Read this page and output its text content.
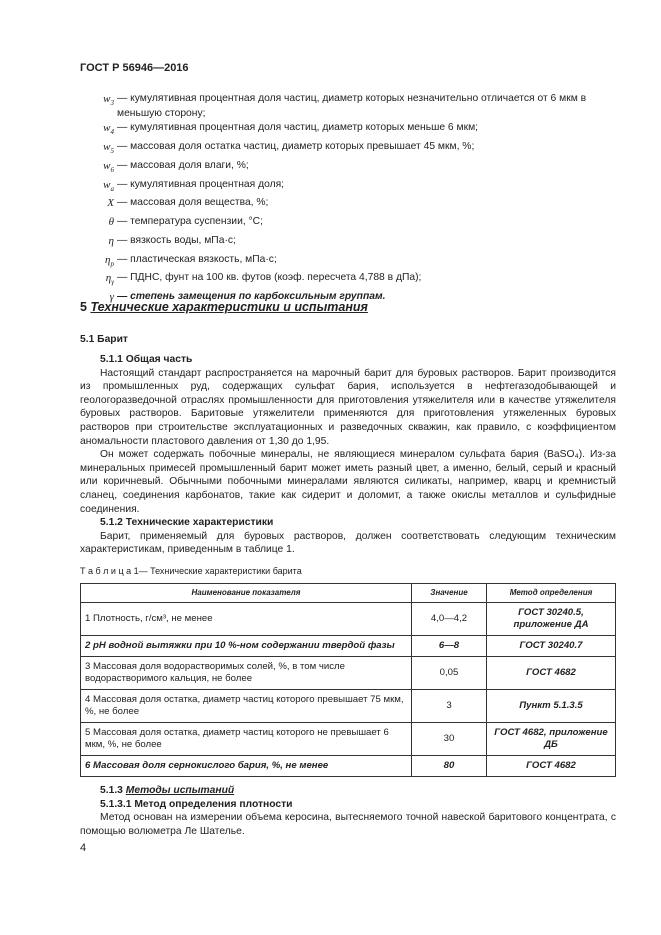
ГОСТ Р 56946—2016
$w_3$ — кумулятивная процентная доля частиц, диаметр которых незначительно отличается от 6 мкм в меньшую сторону;
$w_4$ — кумулятивная процентная доля частиц, диаметр которых меньше 6 мкм;
$w_5$ — массовая доля остатка частиц, диаметр которых превышает 45 мкм, %;
$w_6$ — массовая доля влаги, %;
$w_a$ — кумулятивная процентная доля;
X — массовая доля вещества, %;
θ — температура суспензии, °С;
η — вязкость воды, мПа·с;
$\eta_p$ — пластическая вязкость, мПа·с;
$\eta_\gamma$ — ПДНС, фунт на 100 кв. футов (коэф. пересчета 4,788 в дПа);
γ — степень замещения по карбоксильным группам.
5 Технические характеристики и испытания
5.1 Барит
5.1.1 Общая часть
Настоящий стандарт распространяется на марочный барит для буровых растворов. Барит производится из промышленных руд, содержащих сульфат бария, используется в нефтегазодобывающей и геологоразведочной отраслях промышленности для приготовления утяжелителя или в качестве утяжелителя буровых растворов. Баритовые утяжелители применяются для приготовления утяжеленных буровых растворов при строительстве эксплуатационных и разведочных скважин, как правило, с коэффициентом аномальности пластового давления от 1,30 до 1,95.
Он может содержать побочные минералы, не являющиеся минералом сульфата бария (BaSO₄). Из-за минеральных примесей промышленный барит может иметь разный цвет, а именно, белый, серый и красный или коричневый. Обычными побочными минералами являются силикаты, например, кварц и кремнистый сланец, соединения карбонатов, такие как сидерит и доломит, а также окислы металлов и сульфидные соединения.
5.1.2 Технические характеристики
Барит, применяемый для буровых растворов, должен соответствовать следующим техническим характеристикам, приведенным в таблице 1.
Т а б л и ц а 1— Технические характеристики барита
Наименование показателя	Значение	Метод определения
1 Плотность, г/см³, не менее	4,0—4,2	ГОСТ 30240.5, приложение ДА
2 pH водной вытяжки при 10 %-ном содержании твердой фазы	6—8	ГОСТ 30240.7
3 Массовая доля водорастворимых солей, %, в том числе водорастворимого кальция, не более	0,05	ГОСТ 4682
4 Массовая доля остатка, диаметр частиц которого превышает 75 мкм, %, не более	3	Пункт 5.1.3.5
5 Массовая доля остатка, диаметр частиц которого не превышает 6 мкм, %, не более	30	ГОСТ 4682, приложение ДБ
6 Массовая доля сернокислого бария, %, не менее	80	ГОСТ 4682
5.1.3 Методы испытаний
5.1.3.1 Метод определения плотности
Метод основан на измерении объема керосина, вытесняемого точной навеской баритового концентрата, с помощью волюметра Ле Шателье.
4
